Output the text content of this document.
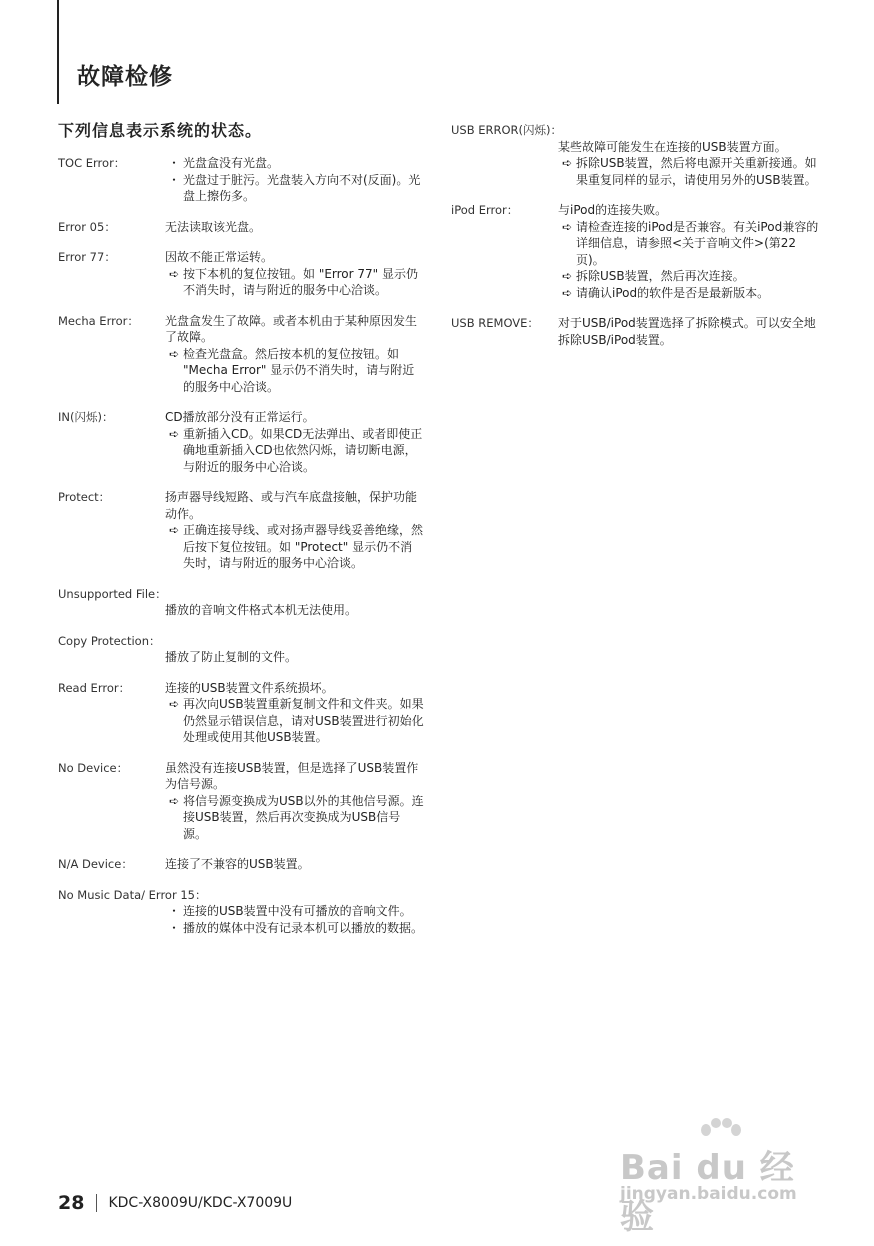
故障检修
下列信息表示系统的状态。
TOC Error：	・ 光盘盒没有光盘。
・ 光盘过于脏污。光盘装入方向不对(反面)。光盘上擦伤多。
Error 05：	无法读取该光盘。
Error 77：	因故不能正常运转。
➪ 按下本机的复位按钮。如 "Error 77" 显示仍不消失时，请与附近的服务中心洽谈。
Mecha Error：	光盘盒发生了故障。或者本机由于某种原因发生了故障。
➪ 检查光盘盒。然后按本机的复位按钮。如 "Mecha Error" 显示仍不消失时，请与附近的服务中心洽谈。
IN(闪烁)：	CD播放部分没有正常运行。
➪ 重新插入CD。如果CD无法弹出、或者即使正确地重新插入CD也依然闪烁，请切断电源，与附近的服务中心洽谈。
Protect：	扬声器导线短路、或与汽车底盘接触，保护功能动作。
➪ 正确连接导线、或对扬声器导线妥善绝缘，然后按下复位按钮。如 "Protect" 显示仍不消失时，请与附近的服务中心洽谈。
Unsupported File：
播放的音响文件格式本机无法使用。
Copy Protection：
播放了防止复制的文件。
Read Error：	连接的USB装置文件系统损坏。
➪ 再次向USB装置重新复制文件和文件夹。如果仍然显示错误信息，请对USB装置进行初始化处理或使用其他USB装置。
No Device：	虽然没有连接USB装置，但是选择了USB装置作为信号源。
➪ 将信号源变换成为USB以外的其他信号源。连接USB装置，然后再次变换成为USB信号源。
N/A Device：	连接了不兼容的USB装置。
No Music Data/ Error 15：
・ 连接的USB装置中没有可播放的音响文件。
・ 播放的媒体中没有记录本机可以播放的数据。
USB ERROR(闪烁)：
某些故障可能发生在连接的USB装置方面。
➪ 拆除USB装置，然后将电源开关重新接通。如果重复同样的显示，请使用另外的USB装置。
iPod Error：	与iPod的连接失败。
➪ 请检查连接的iPod是否兼容。有关iPod兼容的详细信息，请参照<关于音响文件>(第22页)。
➪ 拆除USB装置，然后再次连接。
➪ 请确认iPod的软件是否是最新版本。
USB REMOVE：	对于USB/iPod装置选择了拆除模式。可以安全地拆除USB/iPod装置。
28 KDC-X8009U/KDC-X7009U
Bai du 经验
jingyan.baidu.com
